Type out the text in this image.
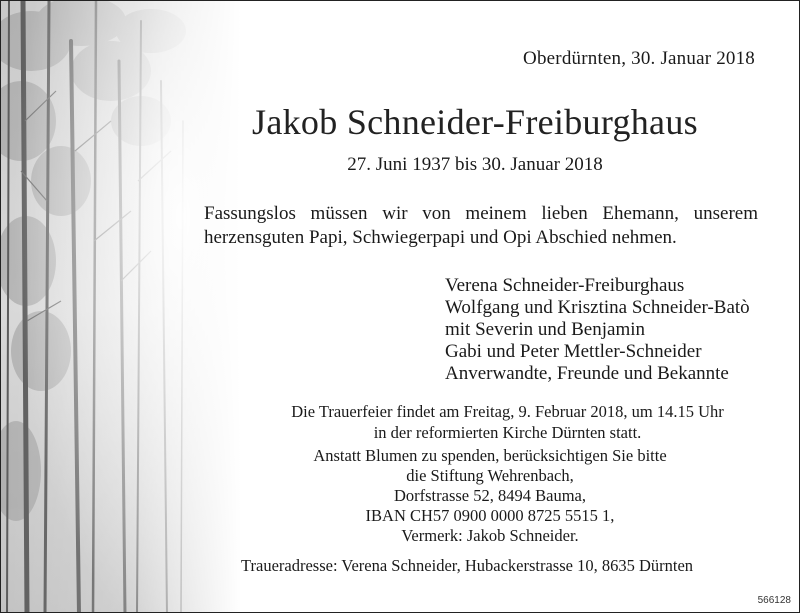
Oberdürnten, 30. Januar 2018
Jakob Schneider-Freiburghaus
27. Juni 1937 bis 30. Januar 2018
Fassungslos müssen wir von meinem lieben Ehemann, unserem herzensguten Papi, Schwiegerpapi und Opi Abschied nehmen.
Verena Schneider-Freiburghaus
Wolfgang und Krisztina Schneider-Batò
mit Severin und Benjamin
Gabi und Peter Mettler-Schneider
Anverwandte, Freunde und Bekannte
Die Trauerfeier findet am Freitag, 9. Februar 2018, um 14.15 Uhr
in der reformierten Kirche Dürnten statt.
Anstatt Blumen zu spenden, berücksichtigen Sie bitte
die Stiftung Wehrenbach,
Dorfstrasse 52, 8494 Bauma,
IBAN CH57 0900 0000 8725 5515 1,
Vermerk: Jakob Schneider.
Traueradresse: Verena Schneider, Hubackerstrasse 10, 8635 Dürnten
566128
